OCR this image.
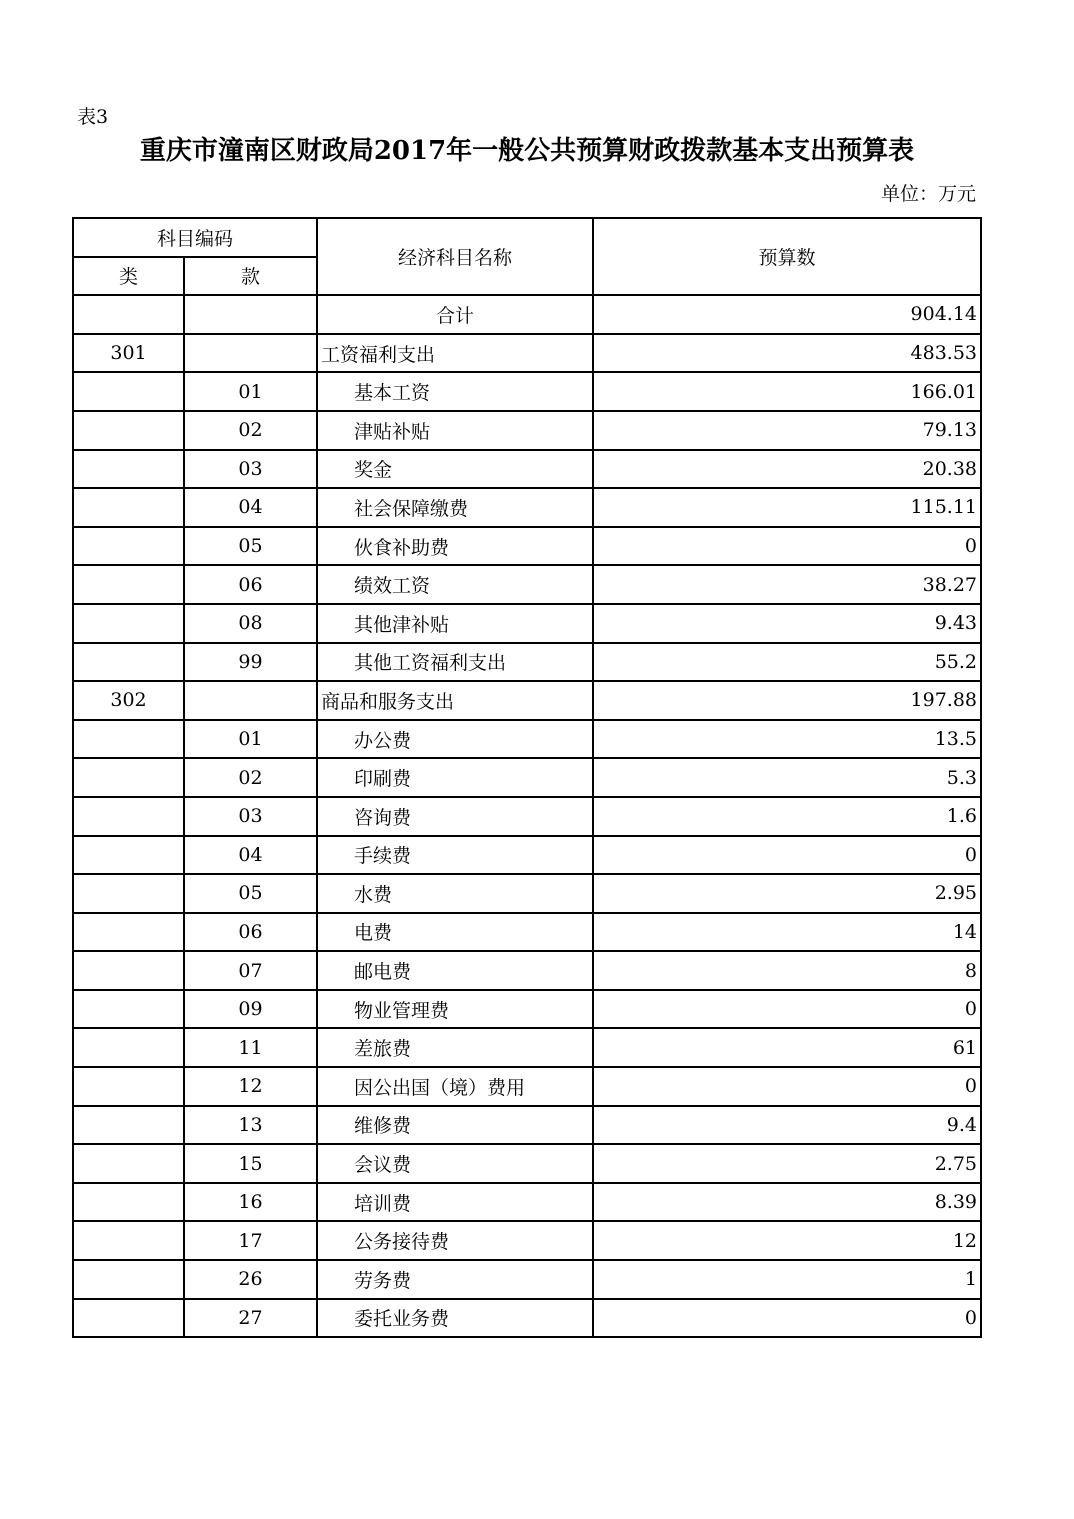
表3
重庆市潼南区财政局2017年一般公共预算财政拨款基本支出预算表
单位：万元
科目编码		经济科目名称	预算数
类	款		
		合计	904.14
301		工资福利支出	483.53
	01	基本工资	166.01
	02	津贴补贴	79.13
	03	奖金	20.38
	04	社会保障缴费	115.11
	05	伙食补助费	0
	06	绩效工资	38.27
	08	其他津补贴	9.43
	99	其他工资福利支出	55.2
302		商品和服务支出	197.88
	01	办公费	13.5
	02	印刷费	5.3
	03	咨询费	1.6
	04	手续费	0
	05	水费	2.95
	06	电费	14
	07	邮电费	8
	09	物业管理费	0
	11	差旅费	61
	12	因公出国（境）费用	0
	13	维修费	9.4
	15	会议费	2.75
	16	培训费	8.39
	17	公务接待费	12
	26	劳务费	1
	27	委托业务费	0
